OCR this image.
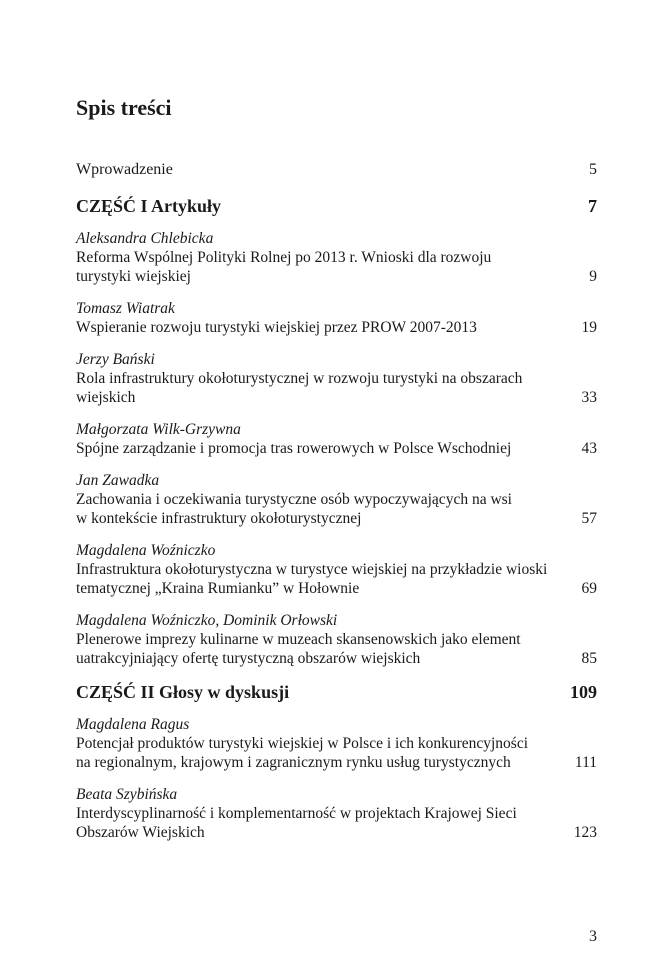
Spis treści
Wprowadzenie	5
CZĘŚĆ I Artykuły	7
Aleksandra Chlebicka
Reforma Wspólnej Polityki Rolnej po 2013 r. Wnioski dla rozwoju
turystyki wiejskiej	9
Tomasz Wiatrak
Wspieranie rozwoju turystyki wiejskiej przez PROW 2007-2013	19
Jerzy Bański
Rola infrastruktury okołoturystycznej w rozwoju turystyki na obszarach
wiejskich	33
Małgorzata Wilk-Grzywna
Spójne zarządzanie i promocja tras rowerowych w Polsce Wschodniej	43
Jan Zawadka
Zachowania i oczekiwania turystyczne osób wypoczywających na wsi
w kontekście infrastruktury okołoturystycznej	57
Magdalena Woźniczko
Infrastruktura okołoturystyczna w turystyce wiejskiej na przykładzie wioski
tematycznej „Kraina Rumianku” w Hołownie	69
Magdalena Woźniczko, Dominik Orłowski
Plenerowe imprezy kulinarne w muzeach skansenowskich jako element
uatrakcyjniający ofertę turystyczną obszarów wiejskich	85
CZĘŚĆ II Głosy w dyskusji	109
Magdalena Ragus
Potencjał produktów turystyki wiejskiej w Polsce i ich konkurencyjności
na regionalnym, krajowym i zagranicznym rynku usług turystycznych	111
Beata Szybińska
Interdyscyplinarność i komplementarność w projektach Krajowej Sieci
Obszarów Wiejskich	123
3
